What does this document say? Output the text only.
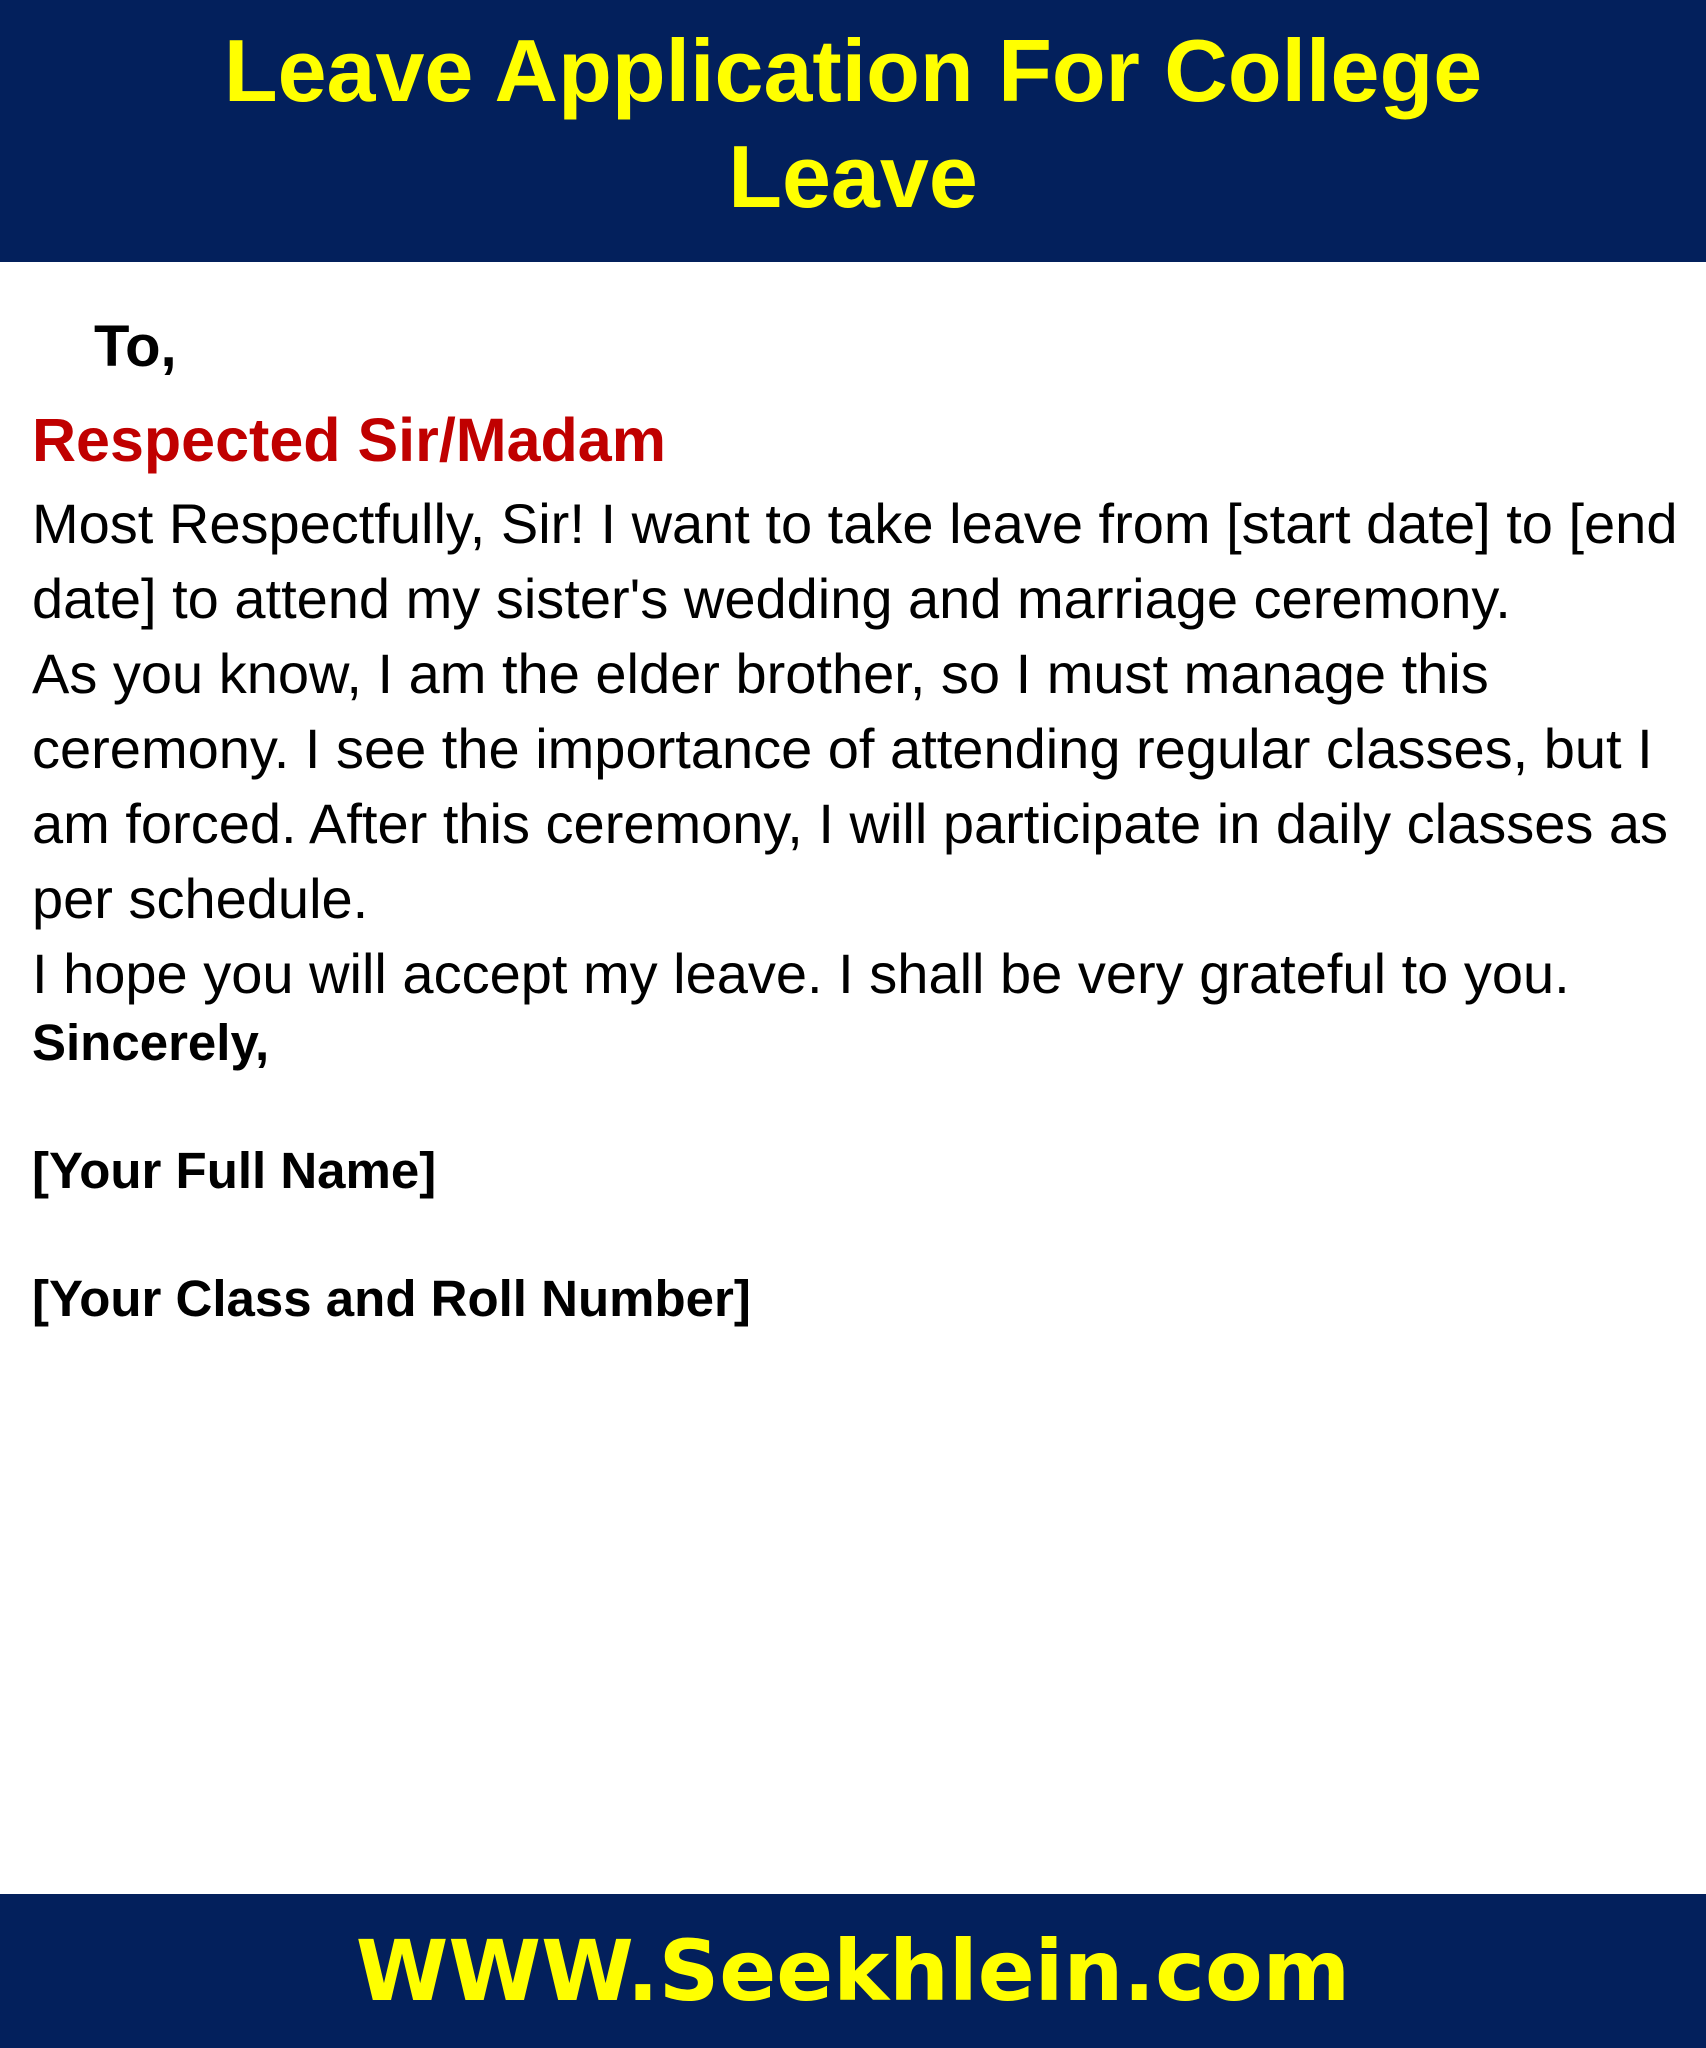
Leave Application For College Leave

To,

Respected Sir/Madam

Most Respectfully, Sir! I want to take leave from [start date] to [end date] to attend my sister's wedding and marriage ceremony.

As you know, I am the elder brother, so I must manage this ceremony. I see the importance of attending regular classes, but I am forced. After this ceremony, I will participate in daily classes as per schedule.

I hope you will accept my leave. I shall be very grateful to you.

Sincerely,

[Your Full Name]

[Your Class and Roll Number]

WWW.Seekhlein.com
